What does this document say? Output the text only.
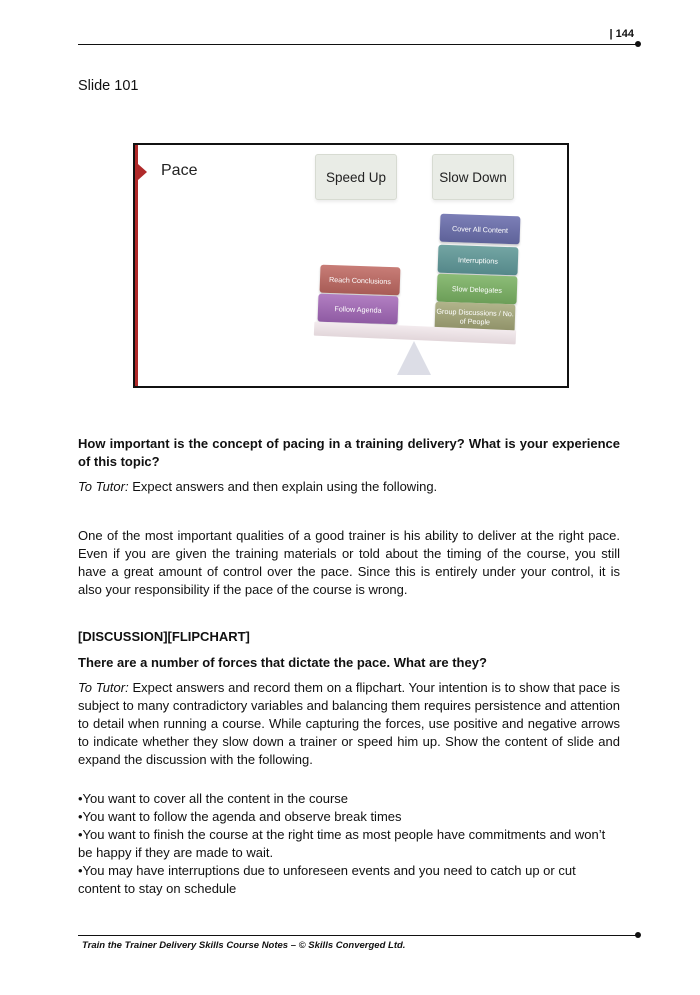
| 144
Slide 101
Pace	Speed Up	Slow Down
Cover All Content
Interruptions
Slow Delegates
Group Discussions / No. of People
Reach Conclusions
Follow Agenda
How important is the concept of pacing in a training delivery? What is your experience of this topic?
To Tutor: Expect answers and then explain using the following.
One of the most important qualities of a good trainer is his ability to deliver at the right pace. Even if you are given the training materials or told about the timing of the course, you still have a great amount of control over the pace. Since this is entirely under your control, it is also your responsibility if the pace of the course is wrong.
[DISCUSSION][FLIPCHART]
There are a number of forces that dictate the pace. What are they?
To Tutor: Expect answers and record them on a flipchart. Your intention is to show that pace is subject to many contradictory variables and balancing them requires persistence and attention to detail when running a course. While capturing the forces, use positive and negative arrows to indicate whether they slow down a trainer or speed him up. Show the content of slide and expand the discussion with the following.
•You want to cover all the content in the course
•You want to follow the agenda and observe break times
•You want to finish the course at the right time as most people have commitments and won’t be happy if they are made to wait.
•You may have interruptions due to unforeseen events and you need to catch up or cut content to stay on schedule
Train the Trainer Delivery Skills Course Notes – © Skills Converged Ltd.
